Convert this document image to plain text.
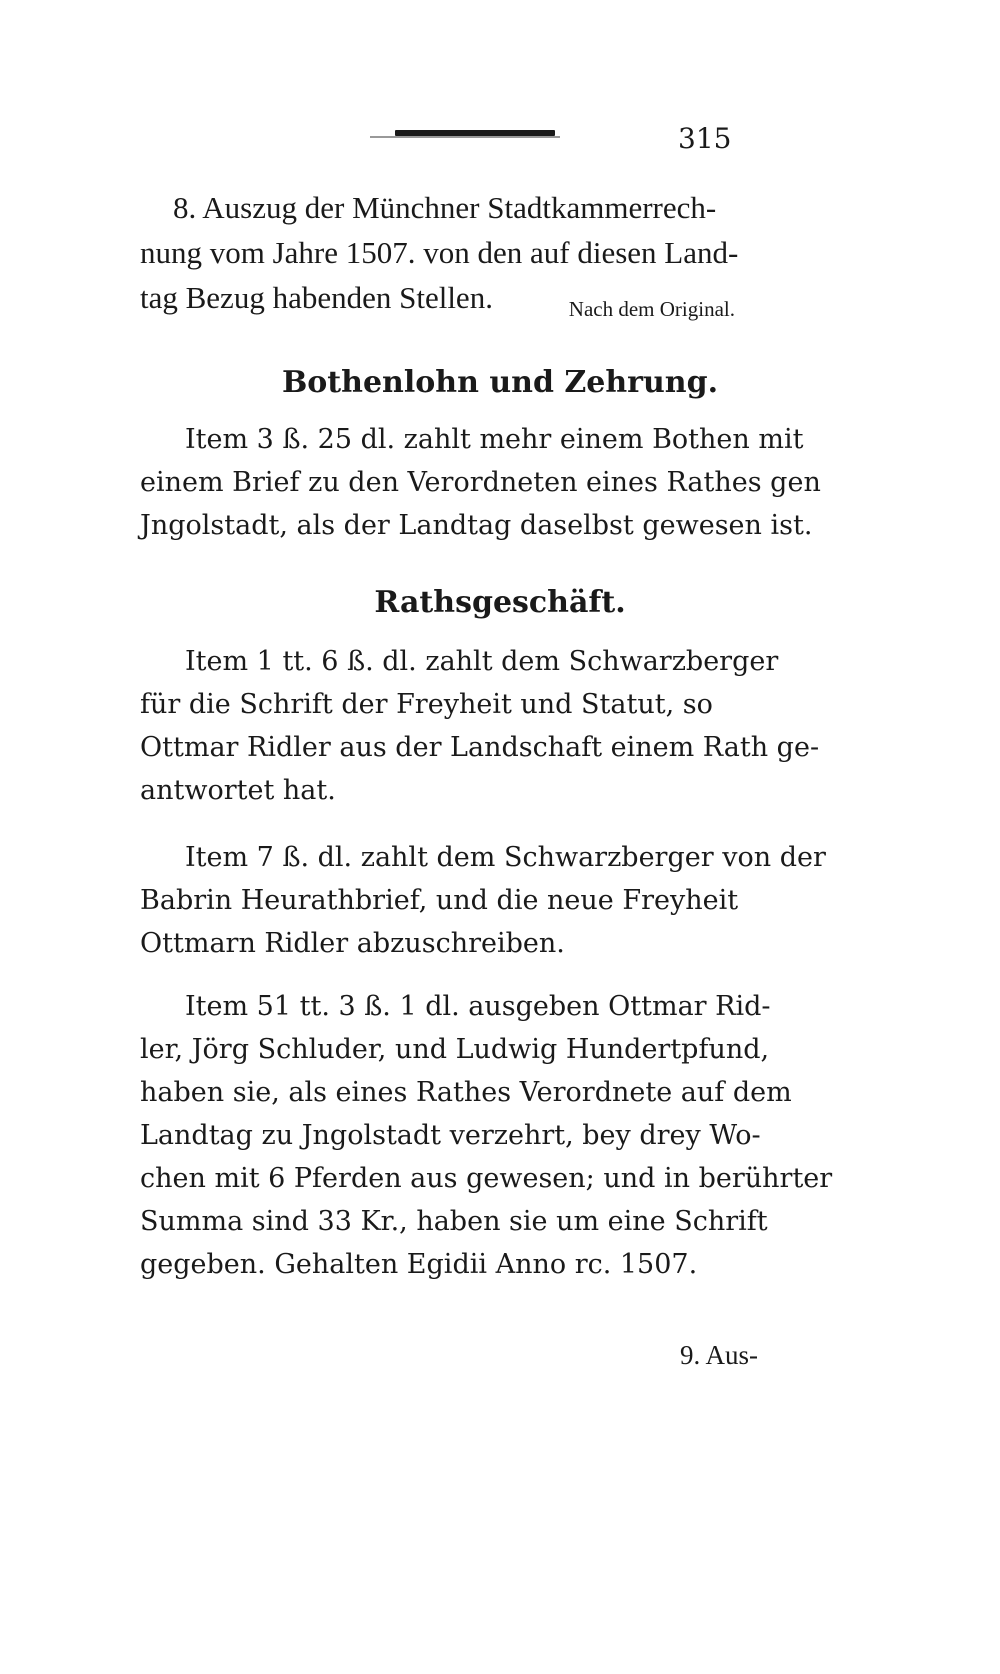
315
8. Auszug der Münchner Stadtkammerrech-
nung vom Jahre 1507. von den auf diesen Land-
tag Bezug habenden Stellen.	Nach dem Original.
Bothenlohn und Zehrung.
Item 3 ß. 25 dl. zahlt mehr einem Bothen mit
einem Brief zu den Verordneten eines Rathes gen
Jngolstadt, als der Landtag daselbst gewesen ist.
Rathsgeschäft.
Item 1 tt. 6 ß. dl. zahlt dem Schwarzberger
für die Schrift der Freyheit und Statut, so
Ottmar Ridler aus der Landschaft einem Rath ge-
antwortet hat.
Item 7 ß. dl. zahlt dem Schwarzberger von der
Babrin Heurathbrief, und die neue Freyheit
Ottmarn Ridler abzuschreiben.
Item 51 tt. 3 ß. 1 dl. ausgeben Ottmar Rid-
ler, Jörg Schluder, und Ludwig Hundertpfund,
haben sie, als eines Rathes Verordnete auf dem
Landtag zu Jngolstadt verzehrt, bey drey Wo-
chen mit 6 Pferden aus gewesen; und in berührter
Summa sind 33 Kr., haben sie um eine Schrift
gegeben. Gehalten Egidii Anno rc. 1507.
9. Aus-
